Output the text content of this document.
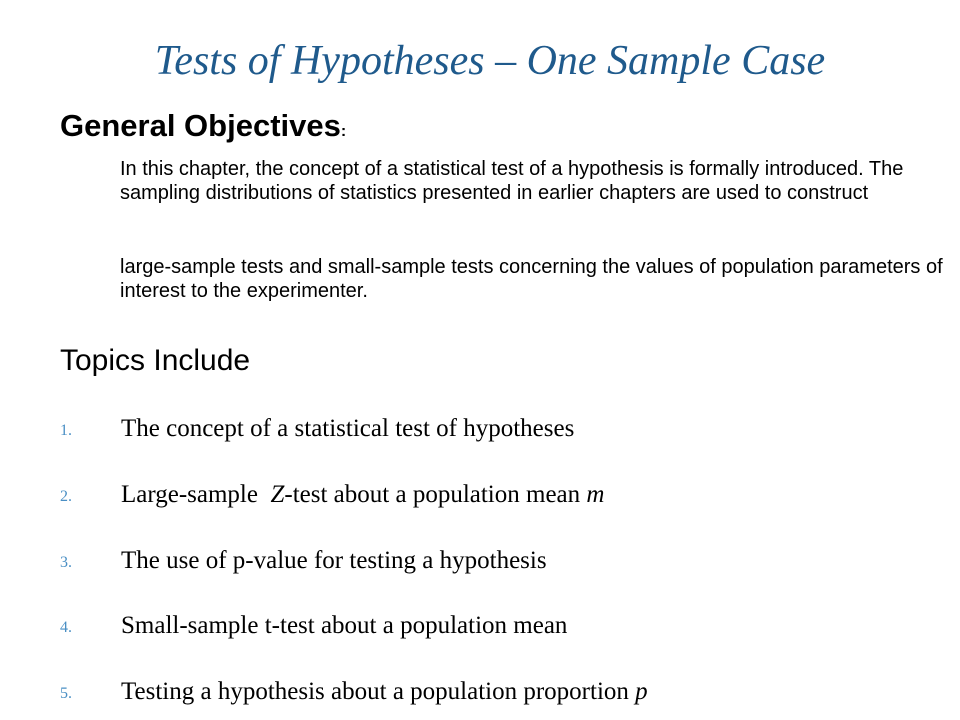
Tests of Hypotheses – One Sample Case
General Objectives:
In this chapter, the concept of a statistical test of a hypothesis is formally introduced. The sampling distributions of statistics presented in earlier chapters are used to construct
large-sample tests and small-sample tests concerning the values of population parameters of interest to the experimenter.
Topics Include
1. The concept of a statistical test of hypotheses
2. Large-sample  Z-test about a population mean m
3. The use of p-value for testing a hypothesis
4. Small-sample t-test about a population mean
5. Testing a hypothesis about a population proportion p
